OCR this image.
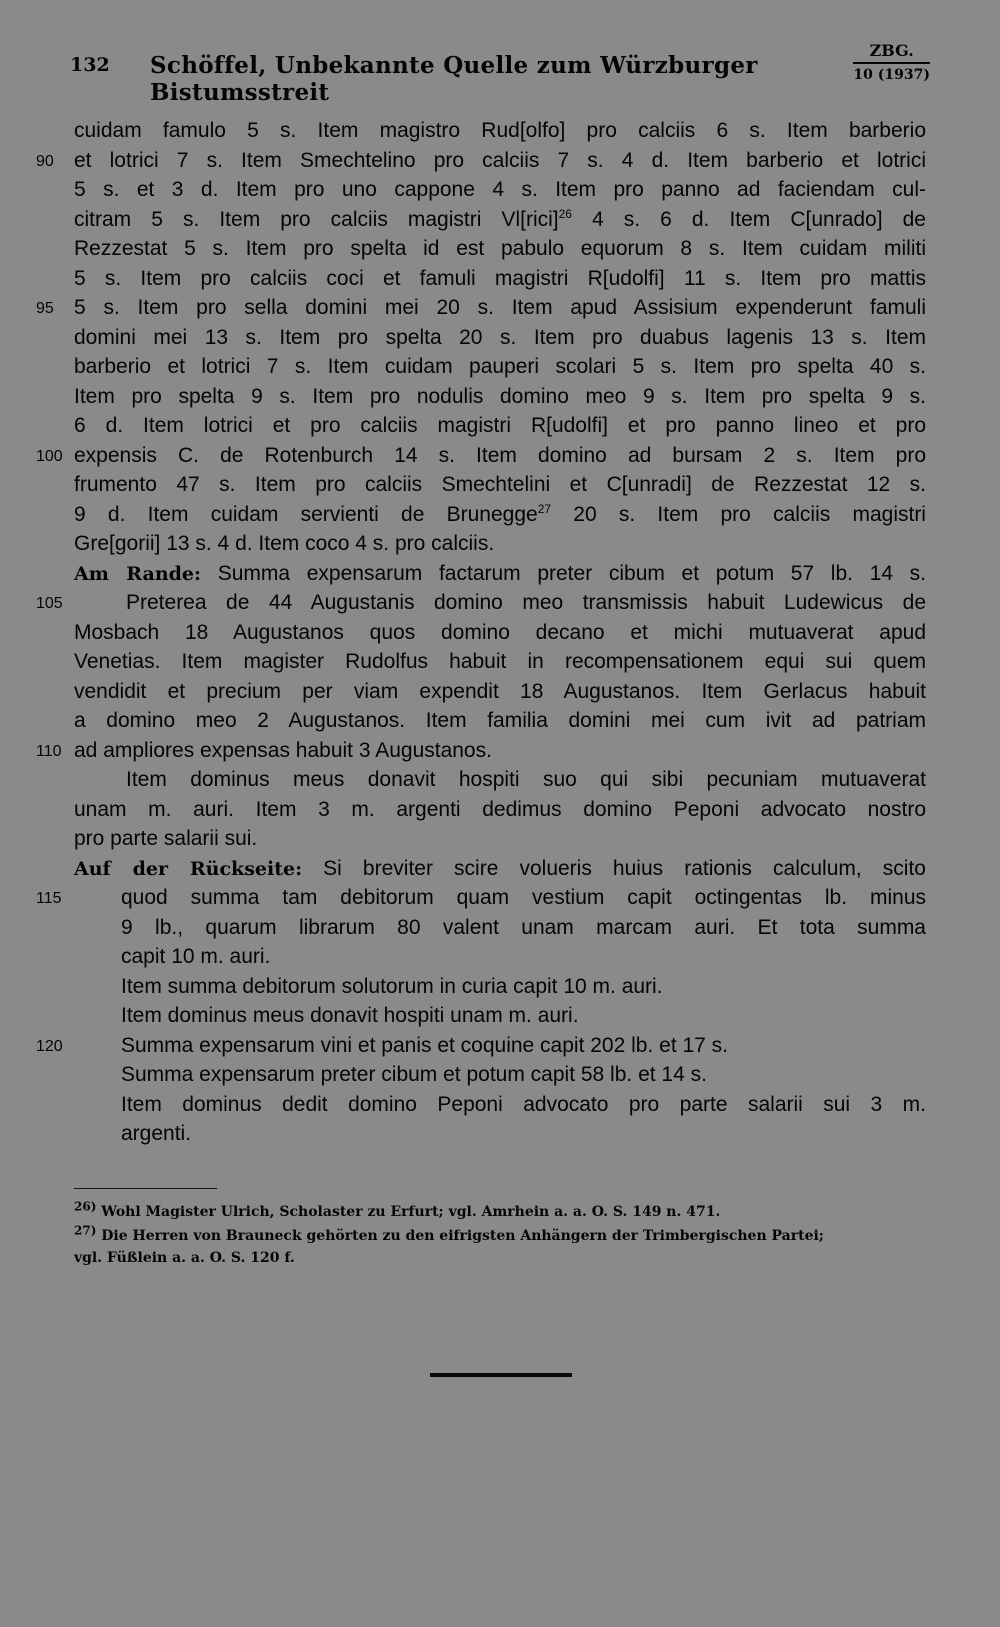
132 Schöffel, Unbekannte Quelle zum Würzburger Bistumsstreit
ZBG.
10 (1937)
cuidam famulo 5 s. Item magistro Rud[olfo] pro calciis 6 s. Item barberio
90 et lotrici 7 s. Item Smechtelino pro calciis 7 s. 4 d. Item barberio et lotrici
5 s. et 3 d. Item pro uno cappone 4 s. Item pro panno ad faciendam cul-
citram 5 s. Item pro calciis magistri Vl[rici]$^{26}$ 4 s. 6 d. Item C[unrado] de
Rezzestat 5 s. Item pro spelta id est pabulo equorum 8 s. Item cuidam militi
5 s. Item pro calciis coci et famuli magistri R[udolfi] 11 s. Item pro mattis
95 5 s. Item pro sella domini mei 20 s. Item apud Assisium expenderunt famuli
domini mei 13 s. Item pro spelta 20 s. Item pro duabus lagenis 13 s. Item
barberio et lotrici 7 s. Item cuidam pauperi scolari 5 s. Item pro spelta 40 s.
Item pro spelta 9 s. Item pro nodulis domino meo 9 s. Item pro spelta 9 s.
6 d. Item lotrici et pro calciis magistri R[udolfi] et pro panno lineo et pro
100 expensis C. de Rotenburch 14 s. Item domino ad bursam 2 s. Item pro
frumento 47 s. Item pro calciis Smechtelini et C[unradi] de Rezzestat 12 s.
9 d. Item cuidam servienti de Brunegge$^{27}$ 20 s. Item pro calciis magistri
Gre[gorii] 13 s. 4 d. Item coco 4 s. pro calciis.
Am Rande: Summa expensarum factarum preter cibum et potum 57 lb. 14 s.
105	Preterea de 44 Augustanis domino meo transmissis habuit Ludewicus de
Mosbach 18 Augustanos quos domino decano et michi mutuaverat apud
Venetias. Item magister Rudolfus habuit in recompensationem equi sui quem
vendidit et precium per viam expendit 18 Augustanos. Item Gerlacus habuit
a domino meo 2 Augustanos. Item familia domini mei cum ivit ad patriam
110 ad ampliores expensas habuit 3 Augustanos.
Item dominus meus donavit hospiti suo qui sibi pecuniam mutuaverat
unam m. auri. Item 3 m. argenti dedimus domino Peponi advocato nostro
pro parte salarii sui.
Auf der Rückseite: Si breviter scire volueris huius rationis calculum, scito
115	quod summa tam debitorum quam vestium capit octingentas lb. minus
9 lb., quarum librarum 80 valent unam marcam auri. Et tota summa
capit 10 m. auri.
Item summa debitorum solutorum in curia capit 10 m. auri.
Item dominus meus donavit hospiti unam m. auri.
120	Summa expensarum vini et panis et coquine capit 202 lb. et 17 s.
Summa expensarum preter cibum et potum capit 58 lb. et 14 s.
Item dominus dedit domino Peponi advocato pro parte salarii sui 3 m.
argenti.
$^{26)}$ Wohl Magister Ulrich, Scholaster zu Erfurt; vgl. Amrhein a. a. O. S. 149 n. 471.
$^{27)}$ Die Herren von Brauneck gehörten zu den eifrigsten Anhängern der Trimbergischen Partei;
vgl. Füßlein a. a. O. S. 120 f.
